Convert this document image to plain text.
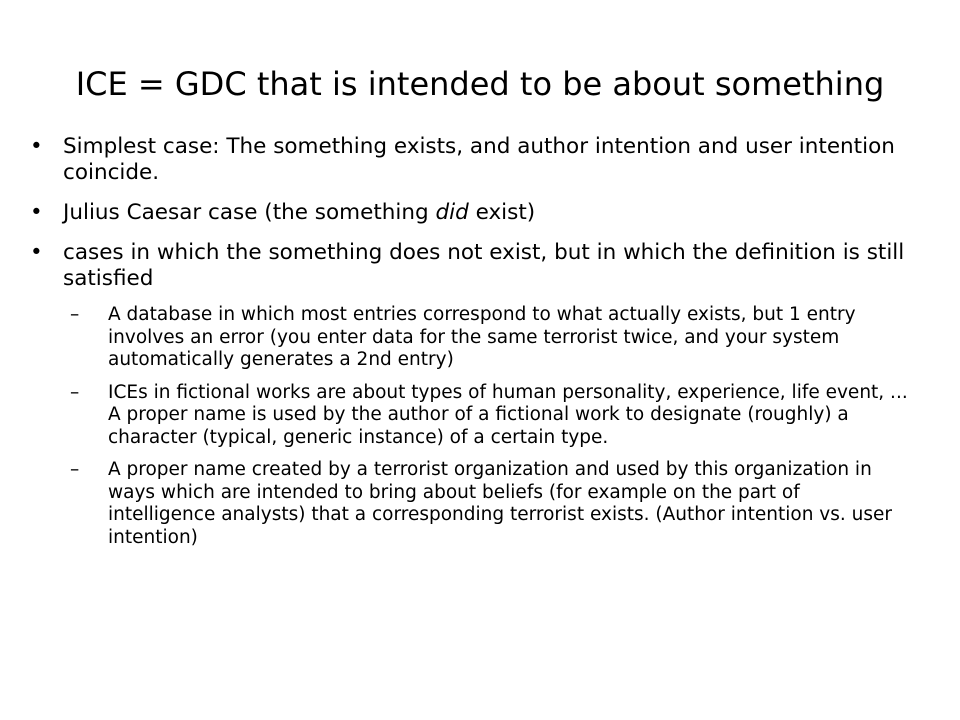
ICE = GDC that is intended to be about something
• Simplest case: The something exists, and author intention and user intention coincide.
• Julius Caesar case (the something did exist)
• cases in which the something does not exist, but in which the definition is still satisfied
– A database in which most entries correspond to what actually exists, but 1 entry involves an error (you enter data for the same terrorist twice, and your system automatically generates a 2nd entry)
– ICEs in fictional works are about types of human personality, experience, life event, ... A proper name is used by the author of a fictional work to designate (roughly) a character (typical, generic instance) of a certain type.
– A proper name created by a terrorist organization and used by this organization in ways which are intended to bring about beliefs (for example on the part of intelligence analysts) that a corresponding terrorist exists. (Author intention vs. user intention)
